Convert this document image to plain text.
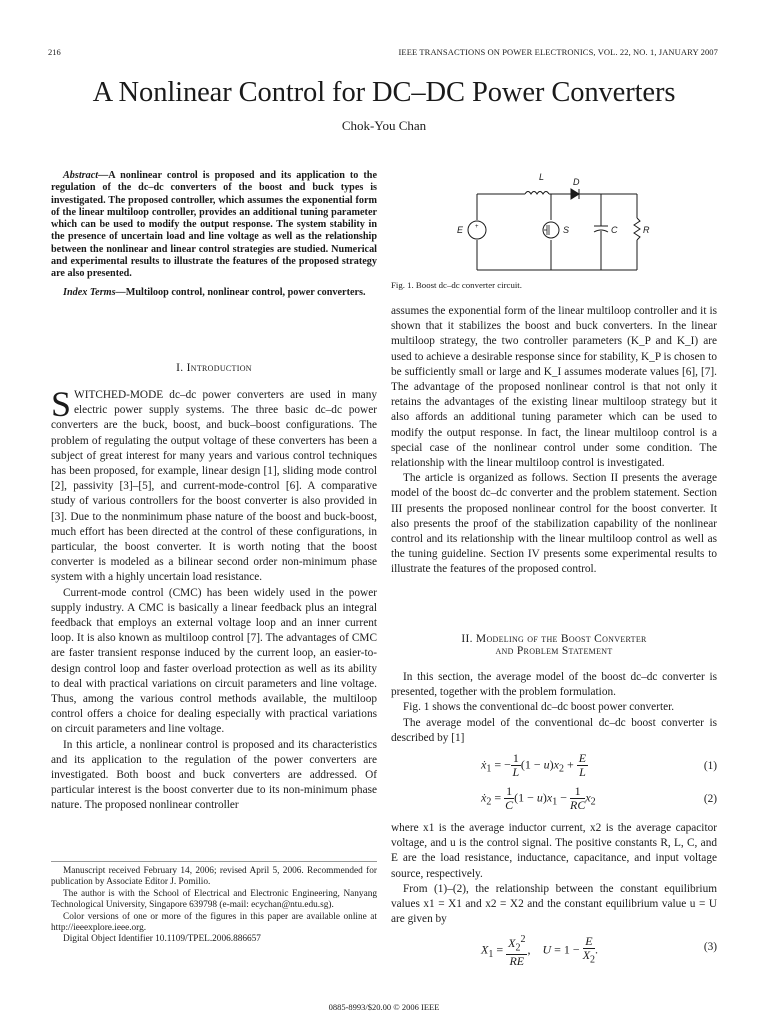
216	IEEE TRANSACTIONS ON POWER ELECTRONICS, VOL. 22, NO. 1, JANUARY 2007
A Nonlinear Control for DC–DC Power Converters
Chok-You Chan

Abstract—A nonlinear control is proposed and its application to the regulation of the dc–dc converters of the boost and buck types is investigated. The proposed controller, which assumes the exponential form of the linear multiloop controller, provides an additional tuning parameter which can be used to modify the output response. The system stability in the presence of uncertain load and line voltage as well as the relationship between the nonlinear and linear control strategies are studied. Numerical and experimental results to illustrate the features of the proposed strategy are also presented.

Index Terms—Multiloop control, nonlinear control, power converters.

I. Introduction

SWITCHED-MODE dc–dc power converters are used in many electric power supply systems. The three basic dc–dc power converters are the buck, boost, and buck–boost configurations. The problem of regulating the output voltage of these converters has been a subject of great interest for many years and various control techniques has been proposed, for example, linear design [1], sliding mode control [2], passivity [3]–[5], and current-mode-control [6]. A comparative study of various controllers for the boost converter is also provided in [3]. Due to the nonminimum phase nature of the boost and buck-boost, much effort has been directed at the control of these configurations, in particular, the boost converter. It is worth noting that the boost converter is modeled as a bilinear second order non-minimum phase system with a highly uncertain load resistance.

Current-mode control (CMC) has been widely used in the power supply industry. A CMC is basically a linear feedback plus an integral feedback that employs an external voltage loop and an inner current loop. It is also known as multiloop control [7]. The advantages of CMC are faster transient response induced by the current loop, an easier-to-design control loop and faster overload protection as well as its ability to deal with practical variations on circuit parameters and line voltage. Thus, among the various control methods available, the multiloop control offers a choice for dealing especially with practical variations on circuit parameters and line voltage.

In this article, a nonlinear control is proposed and its characteristics and its application to the regulation of the power converters are investigated. Both boost and buck converters are addressed. Of particular interest is the boost converter due to its non-minimum phase nature. The proposed nonlinear controller

Manuscript received February 14, 2006; revised April 5, 2006. Recommended for publication by Associate Editor J. Pomilio.

The author is with the School of Electrical and Electronic Engineering, Nanyang Technological University, Singapore 639798 (e-mail: ecychan@ntu.edu.sg).

Color versions of one or more of the figures in this paper are available online at http://ieeexplore.ieee.org.

Digital Object Identifier 10.1109/TPEL.2006.886657

+
L	D
E	S	C	R
Fig. 1. Boost dc–dc converter circuit.

assumes the exponential form of the linear multiloop controller and it is shown that it stabilizes the boost and buck converters. In the linear multiloop strategy, the two controller parameters (K_P and K_I) are used to achieve a desirable response since for stability, K_P is chosen to be sufficiently small or large and K_I assumes moderate values [6], [7]. The advantage of the proposed nonlinear control is that not only it retains the advantages of the existing linear multiloop strategy but it also affords an additional tuning parameter which can be used to modify the output response. In fact, the linear multiloop control is a special case of the nonlinear control under some condition. The relationship with the linear multiloop control is investigated.

The article is organized as follows. Section II presents the average model of the boost dc–dc converter and the problem statement. Section III presents the proposed nonlinear control for the boost converter. It also presents the proof of the stabilization capability of the nonlinear control and its relationship with the linear multiloop control as well as the tuning guideline. Section IV presents some experimental results to illustrate the features of the proposed control.

II. Modeling of the Boost Converter
and Problem Statement

In this section, the average model of the boost dc–dc converter is presented, together with the problem formulation.

Fig. 1 shows the conventional dc–dc boost power converter.

The average model of the conventional dc–dc boost converter is described by [1]

where x1 is the average inductor current, x2 is the average capacitor voltage, and u is the control signal. The positive constants R, L, C, and E are the load resistance, inductance, capacitance, and input voltage source, respectively.

From (1)–(2), the relationship between the constant equilibrium values x1 = X1 and x2 = X2 and the constant equilibrium value u = U are given by

ẋ$_1$ = − $\frac{1}{L} (1 - u)x_2 + \frac{E}{L}$	(1)
ẋ$_2$ = $\frac{1}{C} (1 - u)x_1 - \frac{1}{RC} x_2$	(2)
$X_1 = \frac{X_2^2}{RE}$ ,    $U = 1 - \frac{E}{X_2}$ .	(3)
0885-8993/$20.00 © 2006 IEEE
